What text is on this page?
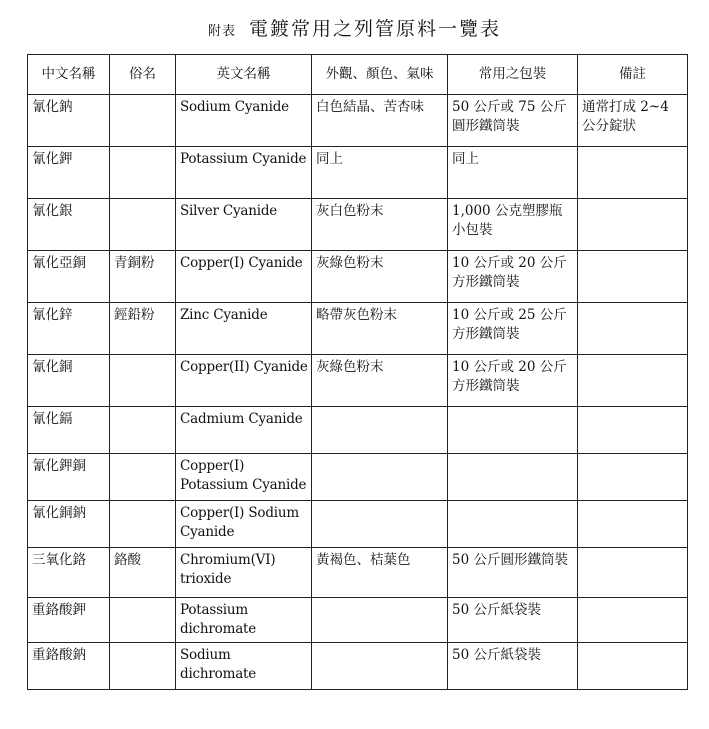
附表 電鍍常用之列管原料一覽表
中文名稱	俗名	英文名稱	外觀、顏色、氣味	常用之包裝	備註
氰化鈉		Sodium Cyanide	白色結晶、苦杏味	50 公斤或 75 公斤圓形鐵筒裝	通常打成 2~4 公分錠狀
氰化鉀		Potassium Cyanide	同上	同上	
氰化銀		Silver Cyanide	灰白色粉末	1,000 公克塑膠瓶小包裝	
氰化亞銅	青銅粉	Copper(I) Cyanide	灰綠色粉末	10 公斤或 20 公斤方形鐵筒裝	
氰化鋅	鋞鉛粉	Zinc Cyanide	略帶灰色粉末	10 公斤或 25 公斤方形鐵筒裝	
氰化銅		Copper(II) Cyanide	灰綠色粉末	10 公斤或 20 公斤方形鐵筒裝	
氰化鎘		Cadmium Cyanide			
氰化鉀銅		Copper(I) Potassium Cyanide			
氰化銅鈉		Copper(I) Sodium Cyanide			
三氧化鉻	鉻酸	Chromium(VI) trioxide	黃褐色、桔葉色	50 公斤圓形鐵筒裝	
重鉻酸鉀		Potassium dichromate		50 公斤紙袋裝	
重鉻酸鈉		Sodium dichromate		50 公斤紙袋裝	
